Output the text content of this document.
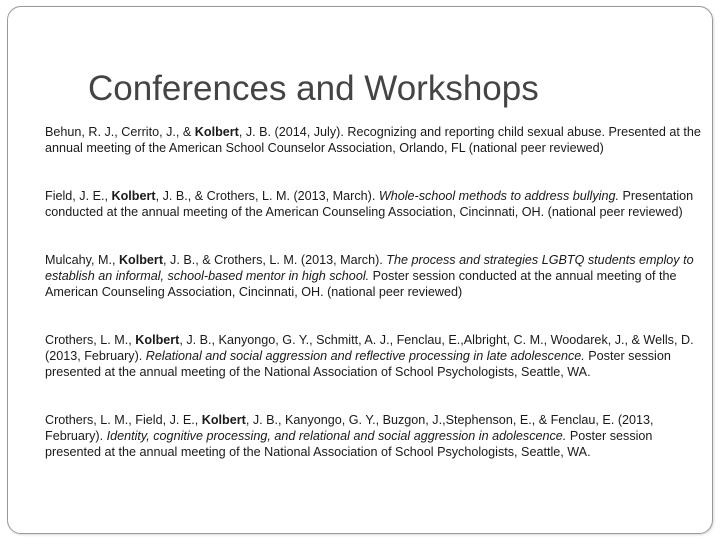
Conferences and Workshops

Behun, R. J., Cerrito, J., & Kolbert, J. B. (2014, July). Recognizing and reporting child sexual abuse. Presented at the annual meeting of the American School Counselor Association, Orlando, FL (national peer reviewed)

Field, J. E., Kolbert, J. B., & Crothers, L. M. (2013, March). Whole-school methods to address bullying. Presentation conducted at the annual meeting of the American Counseling Association, Cincinnati, OH. (national peer reviewed)

Mulcahy, M., Kolbert, J. B., & Crothers, L. M. (2013, March). The process and strategies LGBTQ students employ to establish an informal, school-based mentor in high school. Poster session conducted at the annual meeting of the American Counseling Association, Cincinnati, OH. (national peer reviewed)

Crothers, L. M., Kolbert, J. B., Kanyongo, G. Y., Schmitt, A. J., Fenclau, E.,Albright, C. M., Woodarek, J., & Wells, D. (2013, February). Relational and social aggression and reflective processing in late adolescence. Poster session presented at the annual meeting of the National Association of School Psychologists, Seattle, WA.

Crothers, L. M., Field, J. E., Kolbert, J. B., Kanyongo, G. Y., Buzgon, J.,Stephenson, E., & Fenclau, E. (2013, February). Identity, cognitive processing, and relational and social aggression in adolescence. Poster session presented at the annual meeting of the National Association of School Psychologists, Seattle, WA.
